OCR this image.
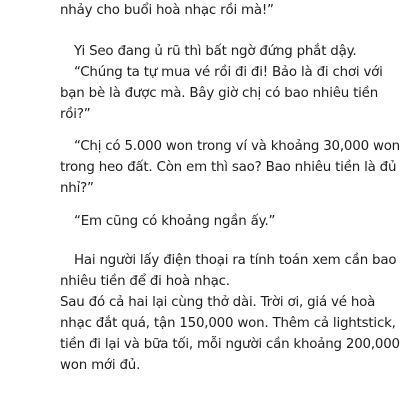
nhảy cho buổi hoà nhạc rồi mà!”
Yi Seo đang ủ rũ thì bất ngờ đứng phắt dậy.
“Chúng ta tự mua vé rồi đi đi! Bảo là đi chơi với
bạn bè là được mà. Bây giờ chị có bao nhiêu tiền
rồi?”
“Chị có 5.000 won trong ví và khoảng 30,000 won
trong heo đất. Còn em thì sao? Bao nhiêu tiền là đủ
nhỉ?”
“Em cũng có khoảng ngần ấy.”
Hai người lấy điện thoại ra tính toán xem cần bao
nhiêu tiền để đi hoà nhạc.
Sau đó cả hai lại cùng thở dài. Trời ơi, giá vé hoà
nhạc đắt quá, tận 150,000 won. Thêm cả lightstick,
tiền đi lại và bữa tối, mỗi người cần khoảng 200,000
won mới đủ.
